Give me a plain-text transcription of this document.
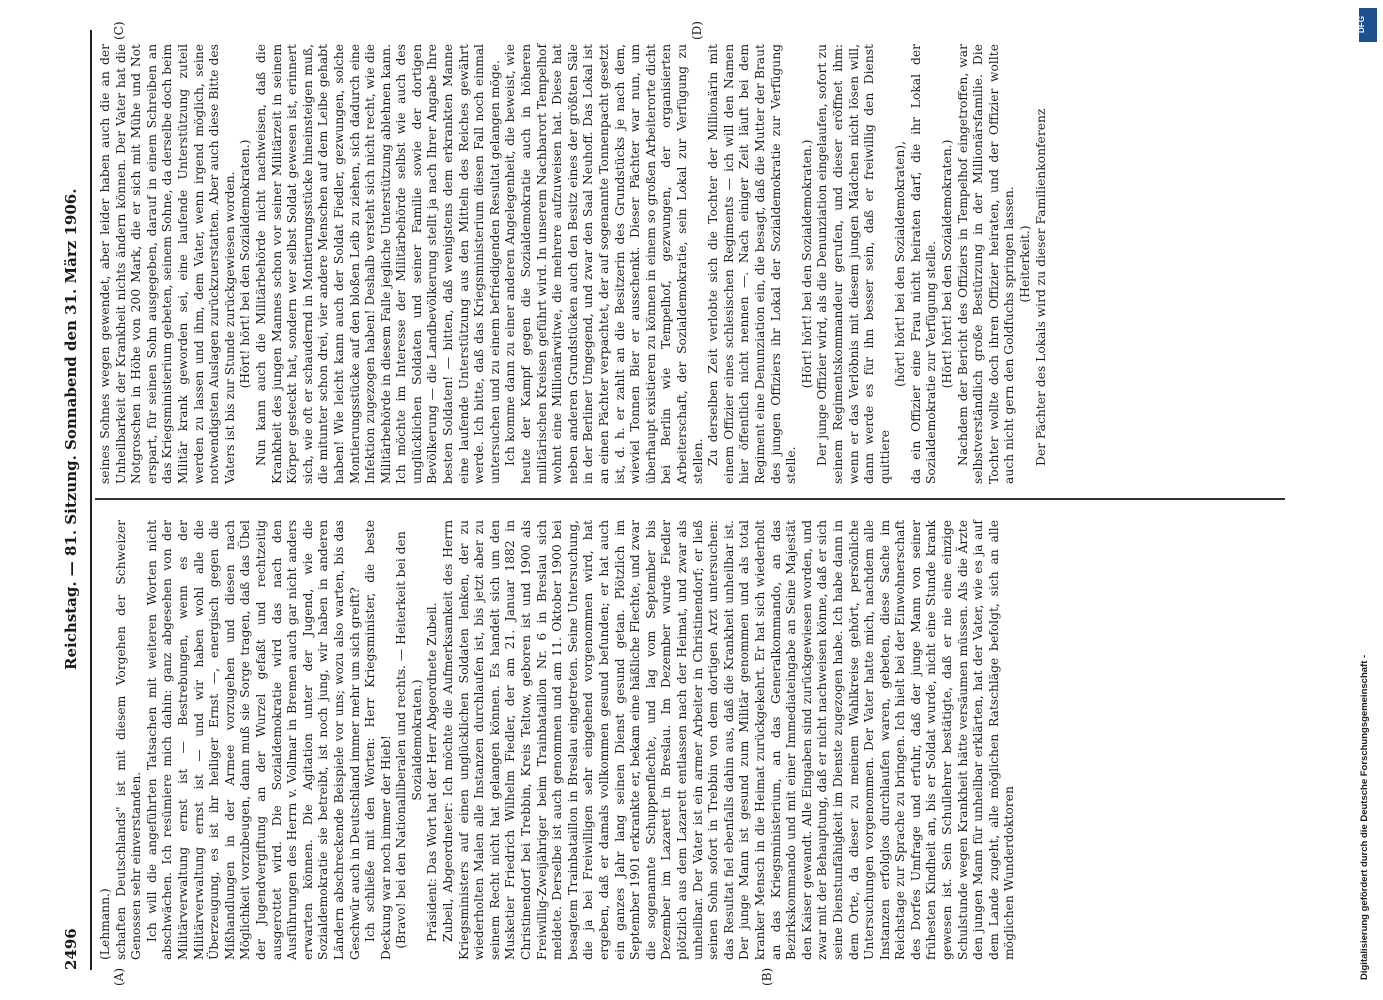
2496
Reichstag. — 81. Sitzung.
Sonnabend den 31. März 1906.
(A)	(B)
(C)	(D)

(Lehmann.) schaften Deutschlands" ist mit diesem Vorgehen der Schweizer Genossen sehr einverstanden. Ich will die angeführten Tatsachen mit weiteren Worten nicht abschwächen. Ich resümiere mich dahin: ganz abgesehen von der Militärverwaltung ernst ist — Bestrebungen, wenn es der Militärverwaltung ernst ist — und wir haben wohl alle die Überzeugung, es ist ihr heiliger Ernst —, energisch gegen die Mißhandlungen in der Armee vorzugehen und diesen nach Möglichkeit vorzubeugen, dann muß sie Sorge tragen, daß das Übel der Jugendvergiftung an der Wurzel gefaßt und rechtzeitig ausgerottet wird. Die Sozialdemokratie wird das nach den Ausführungen des Herrn v. Vollmar in Bremen auch gar nicht anders erwarten können. Die Agitation unter der Jugend, wie die Sozialdemokratie sie betreibt, ist noch jung, wir haben in anderen Ländern abschreckende Beispiele vor uns; wozu also warten, bis das Geschwür auch in Deutschland immer mehr um sich greift? Ich schließe mit den Worten: Herr Kriegsminister, die beste Deckung war noch immer der Hieb! (Bravo! bei den Nationalliberalen und rechts. — Heiterkeit bei den Sozialdemokraten.) Präsident: Das Wort hat der Herr Abgeordnete Zubeil. Zubeil, Abgeordneter: Ich möchte die Aufmerksamkeit des Herrn Kriegsministers auf einen unglücklichen Soldaten lenken, der zu wiederholten Malen alle Instanzen durchlaufen ist, bis jetzt aber zu seinem Recht nicht hat gelangen können. Es handelt sich um den Musketier Friedrich Wilhelm Fiedler, der am 21. Januar 1882 in Christinendorf bei Trebbin, Kreis Teltow, geboren ist und 1900 als Freiwillig-Zweijähriger beim Trainbataillon Nr. 6 in Breslau sich meldete. Derselbe ist auch genommen und am 11. Oktober 1900 bei besagtem Trainbataillon in Breslau eingetreten. Seine Untersuchung, die ja bei Freiwilligen sehr eingehend vorgenommen wird, hat ergeben, daß er damals vollkommen gesund befunden; er hat auch ein ganzes Jahr lang seinen Dienst gesund getan. Plötzlich im September 1901 erkrankte er, bekam eine häßliche Flechte, und zwar die sogenannte Schuppenflechte, und lag vom September bis Dezember im Lazarett in Breslau. Im Dezember wurde Fiedler plötzlich aus dem Lazarett entlassen nach der Heimat, und zwar als unheilbar. Der Vater ist ein armer Arbeiter in Christinendorf; er ließ seinen Sohn sofort in Trebbin von dem dortigen Arzt untersuchen: das Resultat fiel ebenfalls dahin aus, daß die Krankheit unheilbar ist. Der junge Mann ist gesund zum Militär genommen und als total kranker Mensch in die Heimat zurückgekehrt. Er hat sich wiederholt an das Kriegsministerium, an das Generalkommando, an das Bezirkskommando und mit einer Immediateingabe an Seine Majestät den Kaiser gewandt. Alle Eingaben sind zurückgewiesen worden, und zwar mit der Behauptung, daß er nicht nachweisen könne, daß er sich seine Dienstunfähigkeit im Dienste zugezogen habe. Ich habe dann in dem Orte, da dieser zu meinem Wahlkreise gehört, persönliche Untersuchungen vorgenommen. Der Vater hatte mich, nachdem alle Instanzen erfolglos durchlaufen waren, gebeten, diese Sache im Reichstage zur Sprache zu bringen. Ich hielt bei der Einwohnerschaft des Dorfes Umfrage und erfuhr, daß der junge Mann von seiner frühesten Kindheit an, bis er Soldat wurde, nicht eine Stunde krank gewesen ist. Sein Schullehrer bestätigte, daß er nie eine einzige Schulstunde wegen Krankheit hätte versäumen müssen. Als die Ärzte den jungen Mann für unheilbar erklärten, hat der Vater, wie es ja auf dem Lande zugeht, alle möglichen Ratschläge befolgt, sich an alle möglichen Wunderdoktoren

seines Sohnes wegen gewendet, aber leider haben auch die an der Unheilbarkeit der Krankheit nichts ändern können. Der Vater hat die Notgroschen in Höhe von 200 Mark, die er sich mit Mühe und Not erspart, für seinen Sohn ausgegeben, darauf in einem Schreiben an das Kriegsministerium gebeten, seinem Sohne, da derselbe doch beim Militär krank geworden sei, eine laufende Unterstützung zuteil werden zu lassen und ihm, dem Vater, wenn irgend möglich, seine notwendigsten Auslagen zurückzuerstatten. Aber auch diese Bitte des Vaters ist bis zur Stunde zurückgewiesen worden. (Hört! hört! bei den Sozialdemokraten.) Nun kann auch die Militärbehörde nicht nachweisen, daß die Krankheit des jungen Mannes schon vor seiner Militärzeit in seinem Körper gesteckt hat, sondern wer selbst Soldat gewesen ist, erinnert sich, wie oft er schaudernd in Montierungsstücke hineinsteigen muß, die mitunter schon drei, vier andere Menschen auf dem Leibe gehabt haben! Wie leicht kann auch der Soldat Fiedler, gezwungen, solche Montierungsstücke auf den bloßen Leib zu ziehen, sich dadurch eine Infektion zugezogen haben! Deshalb versteht sich nicht recht, wie die Militärbehörde in diesem Falle jegliche Unterstützung ablehnen kann. Ich möchte im Interesse der Militärbehörde selbst wie auch des unglücklichen Soldaten und seiner Familie sowie der dortigen Bevölkerung — die Landbevölkerung stellt ja nach Ihrer Angabe Ihre besten Soldaten! — bitten, daß wenigstens dem erkrankten Manne eine laufende Unterstützung aus den Mitteln des Reiches gewährt werde. Ich bitte, daß das Kriegsministerium diesen Fall noch einmal untersuchen und zu einem befriedigenden Resultat gelangen möge. Ich komme dann zu einer anderen Angelegenheit, die beweist, wie heute der Kampf gegen die Sozialdemokratie auch in höheren militärischen Kreisen geführt wird. In unserem Nachbarort Tempelhof wohnt eine Millionärwitwe, die mehrere aufzuweisen hat. Diese hat neben anderen Grundstücken auch den Besitz eines der größten Säle in der Berliner Umgegend, und zwar den Saal Neuhoff. Das Lokal ist an einen Pächter verpachtet, der auf sogenannte Tonnenpacht gesetzt ist, d. h. er zahlt an die Besitzerin des Grundstücks je nach dem, wieviel Tonnen Bier er ausschenkt. Dieser Pächter war nun, um überhaupt existieren zu können in einem so großen Arbeiterorte dicht bei Berlin wie Tempelhof, gezwungen, der organisierten Arbeiterschaft, der Sozialdemokratie, sein Lokal zur Verfügung zu stellen. Zu derselben Zeit verlobte sich die Tochter der Millionärin mit einem Offizier eines schlesischen Regiments — ich will den Namen hier öffentlich nicht nennen —. Nach einiger Zeit läuft bei dem Regiment eine Denunziation ein, die besagt, daß die Mutter der Braut des jungen Offiziers ihr Lokal der Sozialdemokratie zur Verfügung stelle.

(Hört! hört! bei den Sozialdemokraten.) Der junge Offizier wird, als die Denunziation eingelaufen, sofort zu seinem Regimentskommandeur gerufen, und dieser eröffnet ihm: wenn er das Verlöbnis mit diesem jungen Mädchen nicht lösen will, dann werde es für ihn besser sein, daß er freiwillig den Dienst quittiere

(hört! hört! bei den Sozialdemokraten), da ein Offizier eine Frau nicht heiraten darf, die ihr Lokal der Sozialdemokratie zur Verfügung stelle. (Hört! hört! bei den Sozialdemokraten.) Nachdem der Bericht des Offiziers in Tempelhof eingetroffen, war selbstverständlich große Bestürzung in der Millionärsfamilie. Die Tochter wollte doch ihren Offizier heiraten, und der Offizier wollte auch nicht gern den Goldfuchs springen lassen. (Heiterkeit.) Der Pächter des Lokals wird zu dieser Familienkonferenz

Digitalisierung gefördert durch die Deutsche Forschungsgemeinschaft -
DFG
